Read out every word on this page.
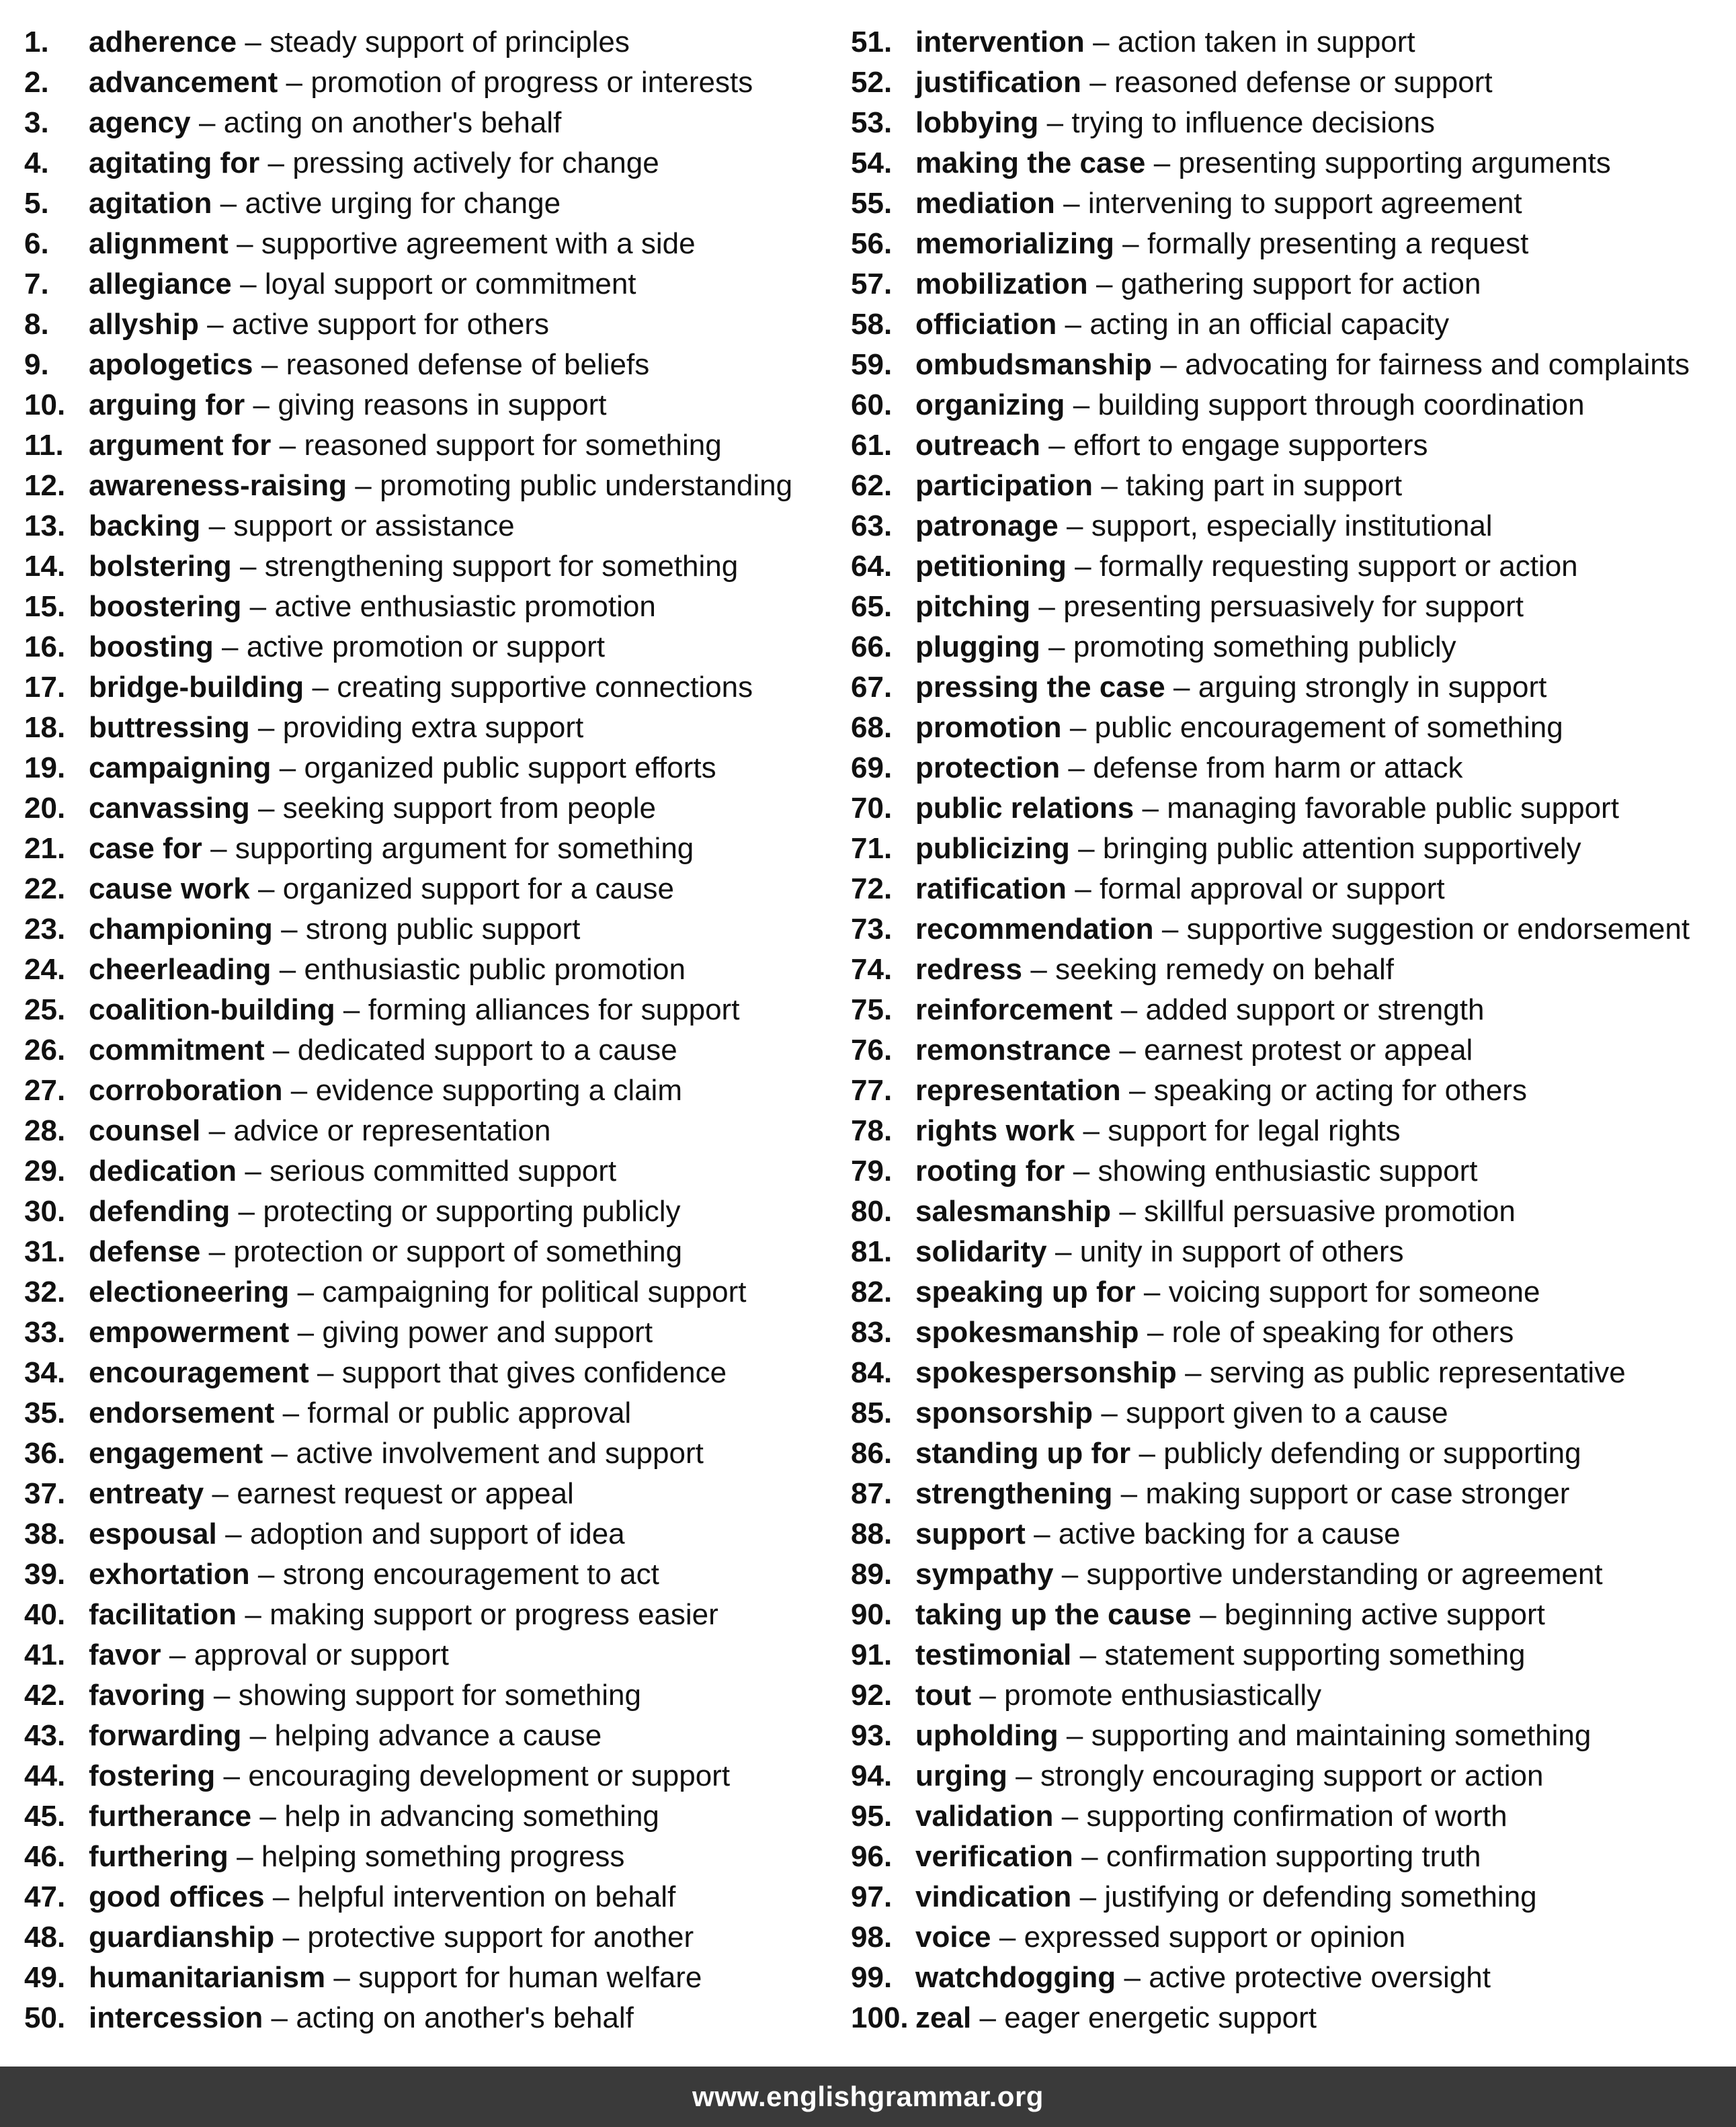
1.	adherence – steady support of principles
2.	advancement – promotion of progress or interests
3.	agency – acting on another's behalf
4.	agitating for – pressing actively for change
5.	agitation – active urging for change
6.	alignment – supportive agreement with a side
7.	allegiance – loyal support or commitment
8.	allyship – active support for others
9.	apologetics – reasoned defense of beliefs
10. arguing for – giving reasons in support
11. argument for – reasoned support for something
12. awareness-raising – promoting public understanding
13. backing – support or assistance
14. bolstering – strengthening support for something
15. boostering – active enthusiastic promotion
16. boosting – active promotion or support
17. bridge-building – creating supportive connections
18. buttressing – providing extra support
19. campaigning – organized public support efforts
20. canvassing – seeking support from people
21. case for – supporting argument for something
22. cause work – organized support for a cause
23. championing – strong public support
24. cheerleading – enthusiastic public promotion
25. coalition-building – forming alliances for support
26. commitment – dedicated support to a cause
27. corroboration – evidence supporting a claim
28. counsel – advice or representation
29. dedication – serious committed support
30. defending – protecting or supporting publicly
31. defense – protection or support of something
32. electioneering – campaigning for political support
33. empowerment – giving power and support
34. encouragement – support that gives confidence
35. endorsement – formal or public approval
36. engagement – active involvement and support
37. entreaty – earnest request or appeal
38. espousal – adoption and support of idea
39. exhortation – strong encouragement to act
40. facilitation – making support or progress easier
41. favor – approval or support
42. favoring – showing support for something
43. forwarding – helping advance a cause
44. fostering – encouraging development or support
45. furtherance – help in advancing something
46. furthering – helping something progress
47. good offices – helpful intervention on behalf
48. guardianship – protective support for another
49. humanitarianism – support for human welfare
50. intercession – acting on another's behalf
51. intervention – action taken in support
52. justification – reasoned defense or support
53. lobbying – trying to influence decisions
54. making the case – presenting supporting arguments
55. mediation – intervening to support agreement
56. memorializing – formally presenting a request
57. mobilization – gathering support for action
58. officiation – acting in an official capacity
59. ombudsmanship – advocating for fairness and complaints
60. organizing – building support through coordination
61. outreach – effort to engage supporters
62. participation – taking part in support
63. patronage – support, especially institutional
64. petitioning – formally requesting support or action
65. pitching – presenting persuasively for support
66. plugging – promoting something publicly
67. pressing the case – arguing strongly in support
68. promotion – public encouragement of something
69. protection – defense from harm or attack
70. public relations – managing favorable public support
71. publicizing – bringing public attention supportively
72. ratification – formal approval or support
73. recommendation – supportive suggestion or endorsement
74. redress – seeking remedy on behalf
75. reinforcement – added support or strength
76. remonstrance – earnest protest or appeal
77. representation – speaking or acting for others
78. rights work – support for legal rights
79. rooting for – showing enthusiastic support
80. salesmanship – skillful persuasive promotion
81. solidarity – unity in support of others
82. speaking up for – voicing support for someone
83. spokesmanship – role of speaking for others
84. spokespersonship – serving as public representative
85. sponsorship – support given to a cause
86. standing up for – publicly defending or supporting
87. strengthening – making support or case stronger
88. support – active backing for a cause
89. sympathy – supportive understanding or agreement
90. taking up the cause – beginning active support
91. testimonial – statement supporting something
92. tout – promote enthusiastically
93. upholding – supporting and maintaining something
94. urging – strongly encouraging support or action
95. validation – supporting confirmation of worth
96. verification – confirmation supporting truth
97. vindication – justifying or defending something
98. voice – expressed support or opinion
99. watchdogging – active protective oversight
100. zeal – eager energetic support
www.englishgrammar.org
